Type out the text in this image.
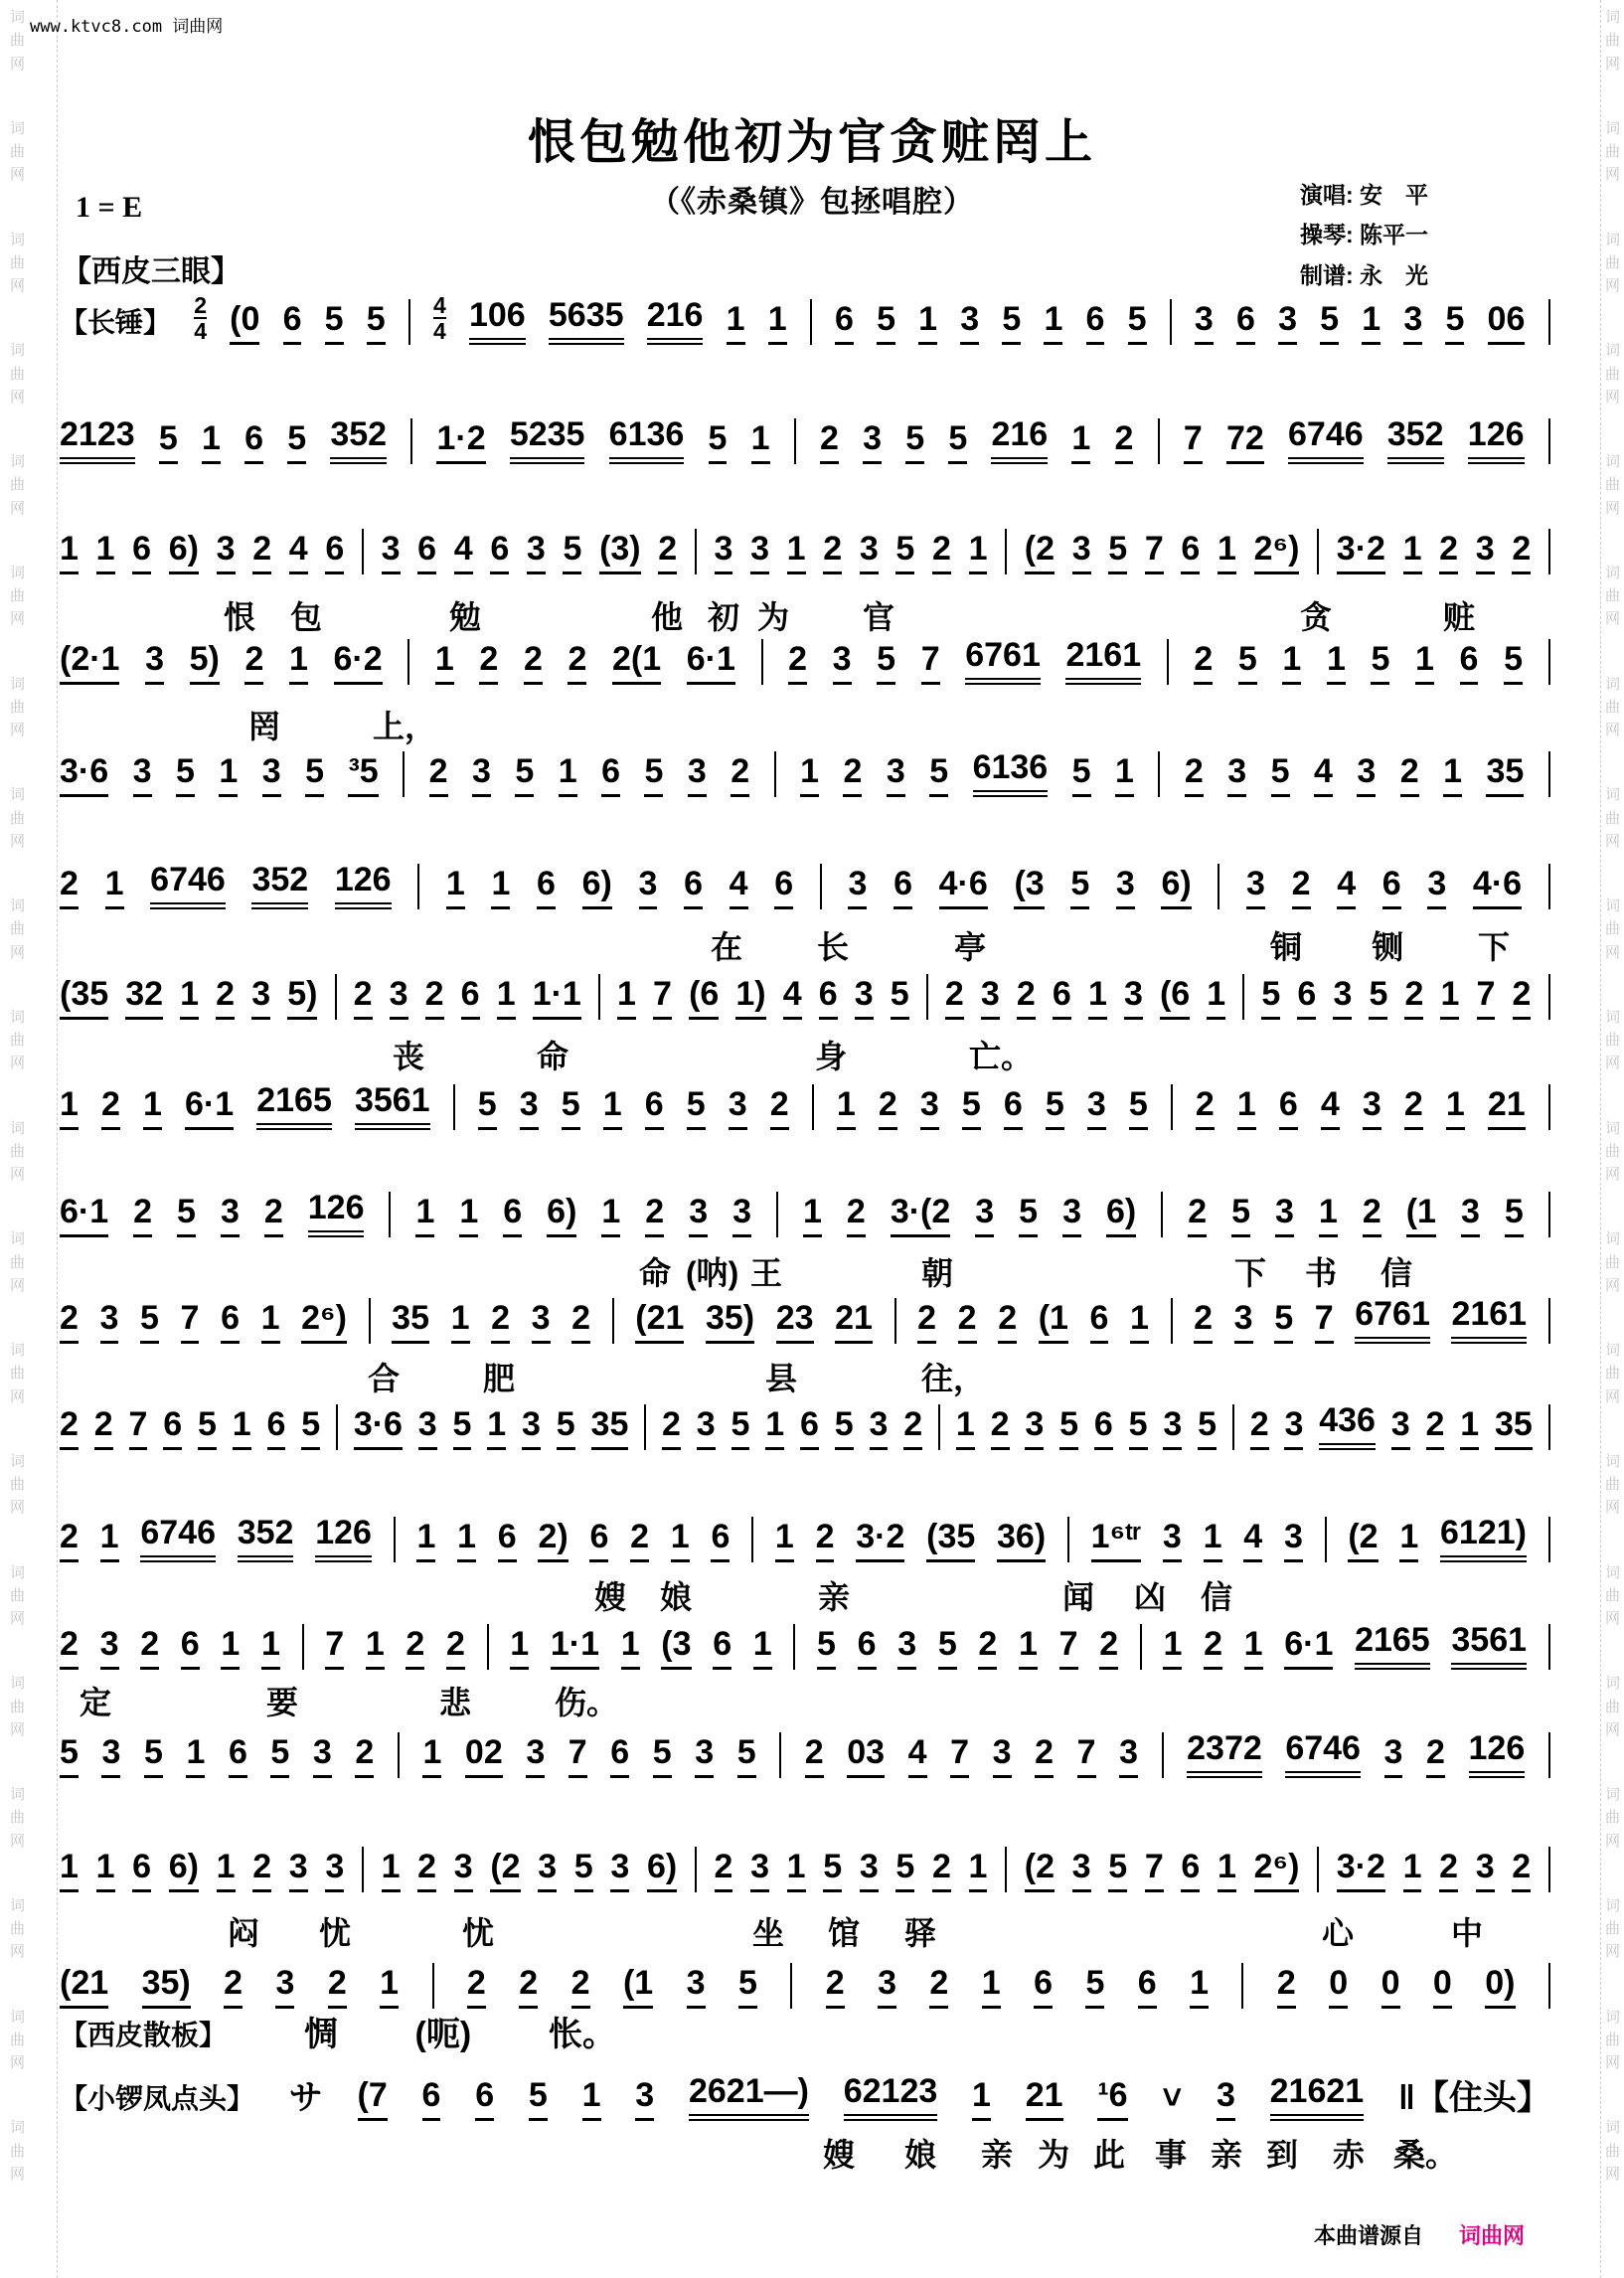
词曲网
词曲网
词曲网
词曲网
词曲网
词曲网
词曲网
词曲网
词曲网
词曲网
词曲网
词曲网
词曲网
词曲网
词曲网
词曲网
词曲网
词曲网
词曲网
词曲网
词曲网
词曲网
词曲网
词曲网
词曲网
词曲网
词曲网
词曲网
词曲网
词曲网
词曲网
词曲网
词曲网
词曲网
词曲网
词曲网
词曲网
词曲网
词曲网
词曲网
www.ktvc8.com 词曲网
恨包勉他初为官贪赃罔上
（《赤桑镇》包拯唱腔）
1 = E	演唱: 安　平
操琴: 陈平一
制谱: 永　光
【西皮三眼】
本曲谱源自 词曲网
【长锤】 $\frac{2}{4} (0$ 6 5 $5 \frac{4}{4} 106$ 5635 216 1 1 6 5 1 3 5 1 6 5 3 6 3 5 1 3 5 06
2123 5 1 6 5 352 1·2 5235 6136 5 1 2 3 5 5 216 1 2 7 72 6746 352 126
1 1 6 6) 3 2 4 6 3 6 4 6 3 5 (3) 2 3 3 1 2 3 5 2 1 (2 3 5 7 6 1 2⁶) 3·2 1 2 3 2
恨 包	勉	他 初 为 官	贪	赃
(2·1 3 5) 2 1 6·2 1 2 2 2 2(1 6·1 2 3 5 7 6761 2161 2 5 1 1 5 1 6 5
罔	上，
3·6 3 5 1 3 5 ³5 2 3 5 1 6 5 3 2 1 2 3 5 6136 5 1 2 3 5 4 3 2 1 35
2 1 6746 352 126 1 1 6 6) 3 6 4 6 3 6 4·6 (3 5 3 6) 3 2 4 6 3 4·6
在 长	亭	铜 铡 下
(35 32 1 2 3 5) 2 3 2 6 1 1·1 1 7 (6 1) 4 6 3 5 2 3 2 6 1 3 (6 1 5 6 3 5 2 1 7 2
丧	命	身	亡。
1 2 1 6·1 2165 3561 5 3 5 1 6 5 3 2 1 2 3 5 6 5 3 5 2 1 6 4 3 2 1 21
6·1 2 5 3 2 126 1 1 6 6) 1 2 3 3 1 2 3·(2 3 5 3 6) 2 5 3 1 2 (1 3 5
命 (呐) 王	朝	下 书 信
2 3 5 7 6 1 2⁶) 35 1 2 3 2 (21 35) 23 21 2 2 2 (1 6 1 2 3 5 7 6761 2161
合	肥	县	往，
2 2 7 6 5 1 6 5 3·6 3 5 1 3 5 35 2 3 5 1 6 5 3 2 1 2 3 5 6 5 3 5 2 3 436 3 2 1 35
2 1 6746 352 126 1 1 6 2) 6 2 1 6 1 2 3·2 (35 36) 1⁶ᵗʳ 3 1 4 3 (2 1 6121)
嫂 娘	亲	闻 凶 信
2 3 2 6 1 1 7 1 2 2 1 1·1 1 (3 6 1 5 6 3 5 2 1 7 2 1 2 1 6·1 2165 3561
定	要	悲	伤。
5 3 5 1 6 5 3 2 1 02 3 7 6 5 3 5 2 03 4 7 3 2 7 3 2372 6746 3 2 126
1 1 6 6) 1 2 3 3 1 2 3 (2 3 5 3 6) 2 3 1 5 3 5 2 1 (2 3 5 7 6 1 2⁶) 3·2 1 2 3 2
闷 忧	忧	坐 馆 驿	心	中
(21 35) 2 3 2 1 2 2 2 (1 3 5 2 3 2 1 6 5 6 1 2 0 0 0 0)
【西皮散板】 惆 (呃) 怅。
【小锣凤点头】 サ (7 6 6 5 1 3 2621—) 62123 1 21 ¹6 ˅ 3 21621 ‖【住头】
嫂 娘 亲 为 此 事 亲 到 赤 桑。
